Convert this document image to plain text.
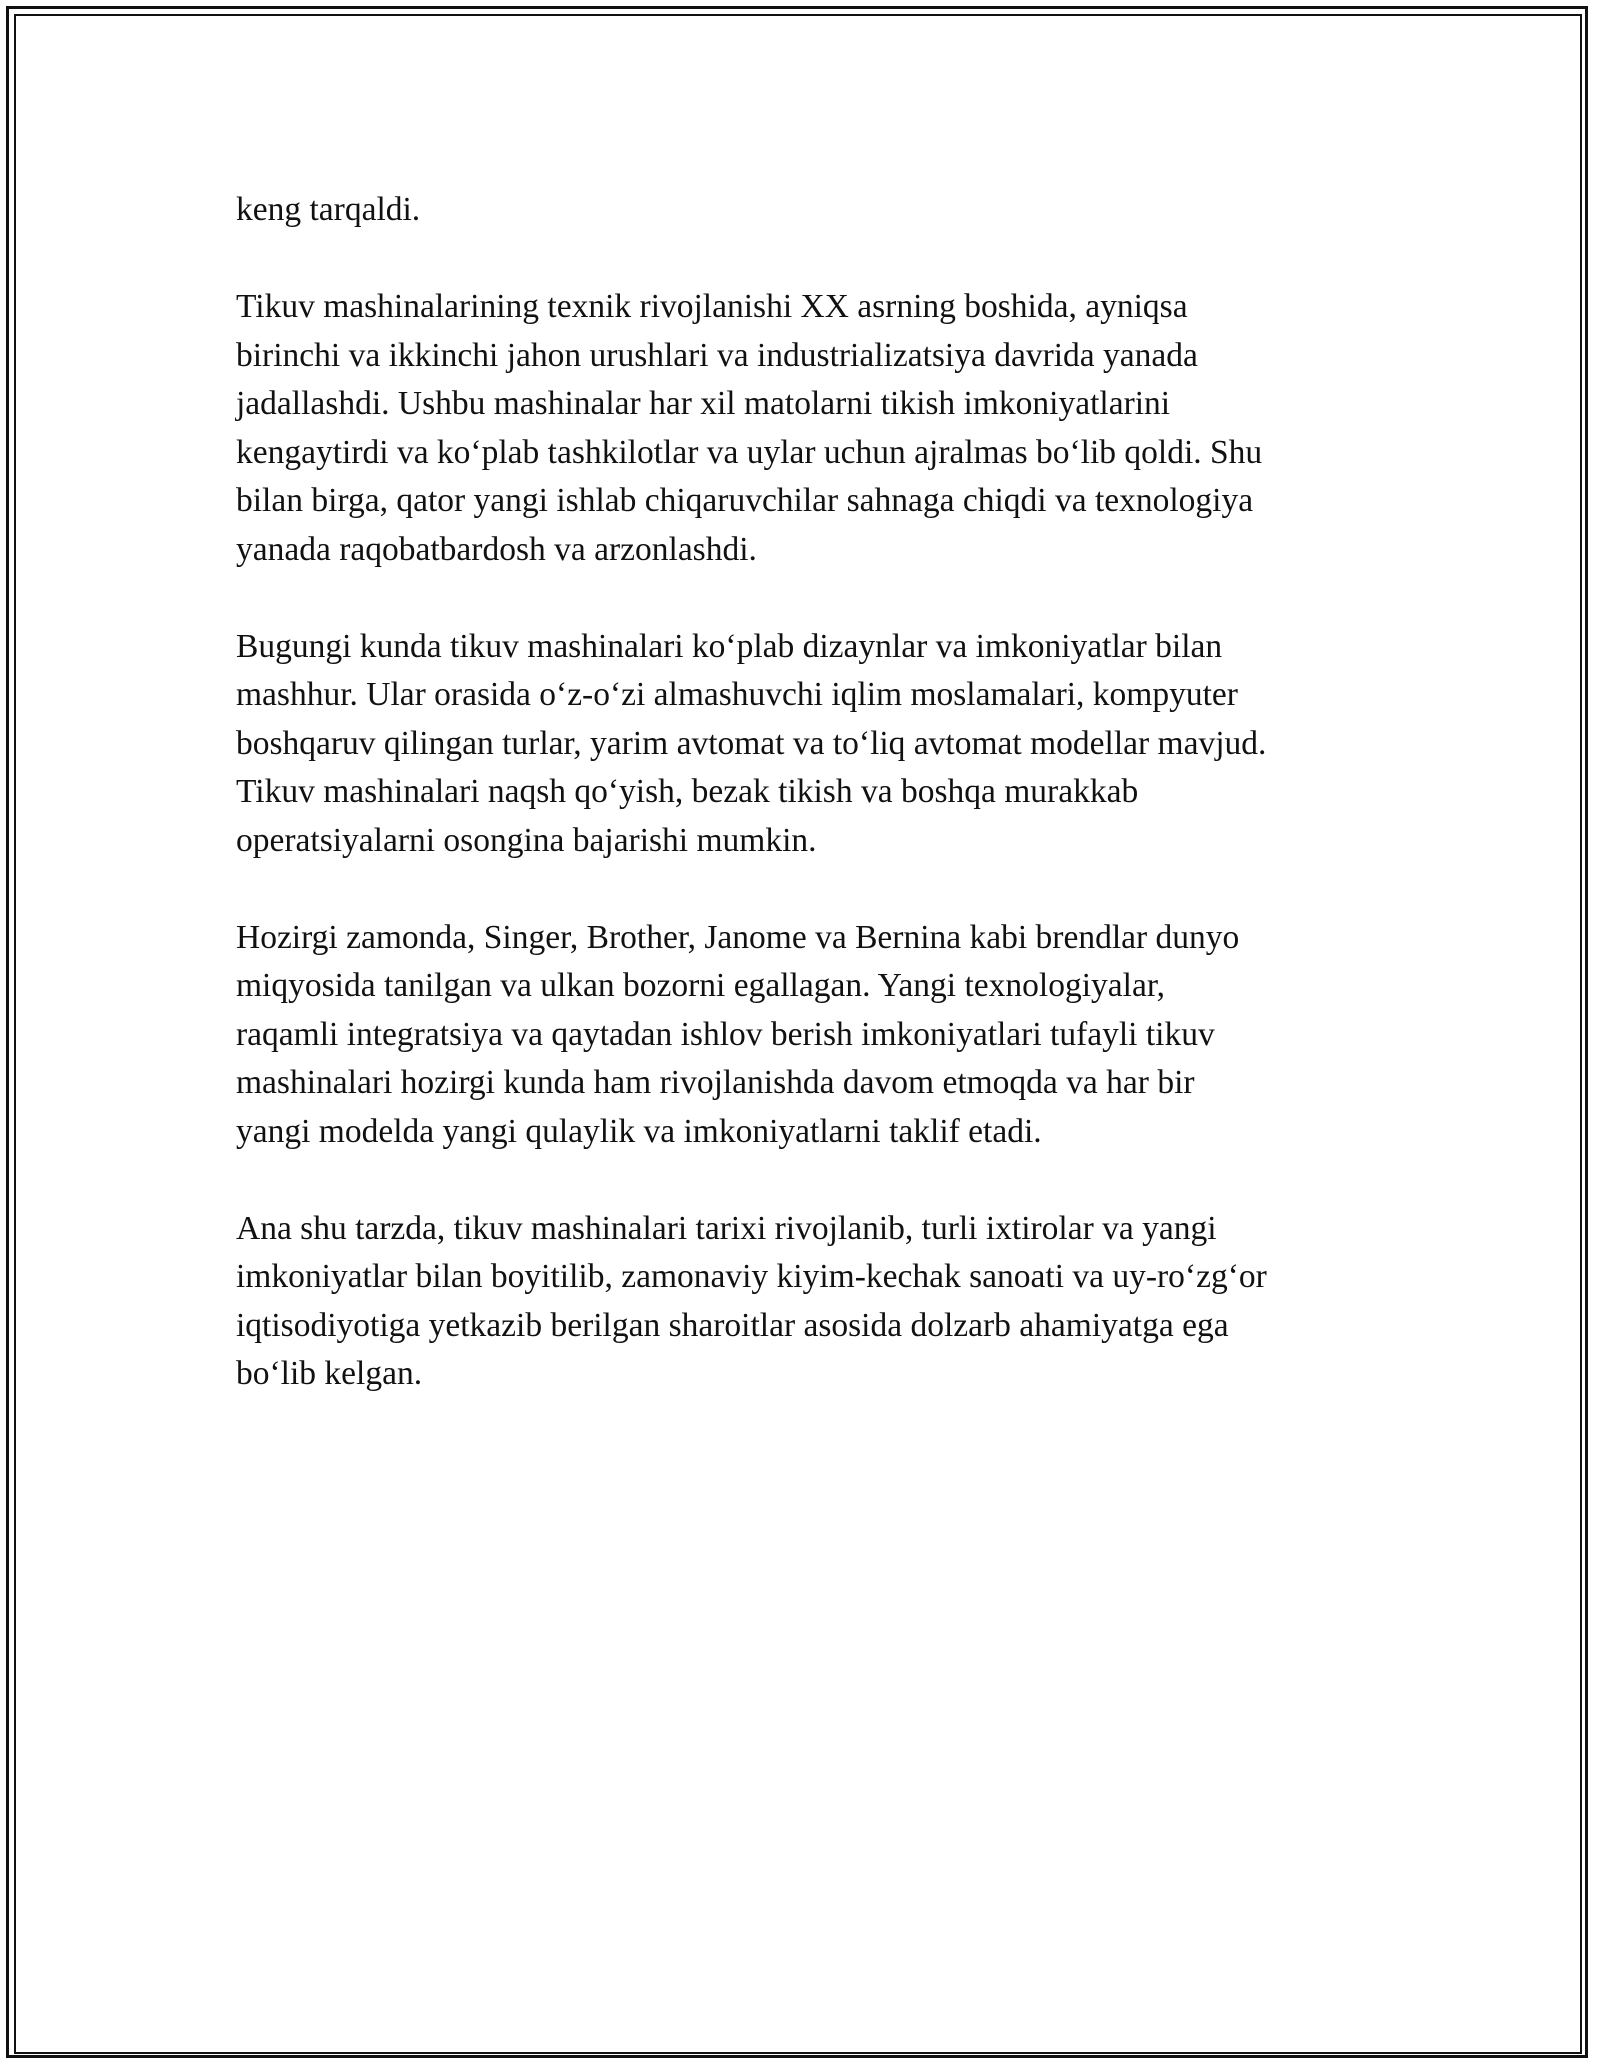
keng tarqaldi.

Tikuv mashinalarining texnik rivojlanishi XX asrning boshida, ayniqsa
birinchi va ikkinchi jahon urushlari va industrializatsiya davrida yanada
jadallashdi. Ushbu mashinalar har xil matolarni tikish imkoniyatlarini
kengaytirdi va koʻplab tashkilotlar va uylar uchun ajralmas boʻlib qoldi. Shu
bilan birga, qator yangi ishlab chiqaruvchilar sahnaga chiqdi va texnologiya
yanada raqobatbardosh va arzonlashdi.

Bugungi kunda tikuv mashinalari koʻplab dizaynlar va imkoniyatlar bilan
mashhur. Ular orasida oʻz-oʻzi almashuvchi iqlim moslamalari, kompyuter
boshqaruv qilingan turlar, yarim avtomat va toʻliq avtomat modellar mavjud.
Tikuv mashinalari naqsh qoʻyish, bezak tikish va boshqa murakkab
operatsiyalarni osongina bajarishi mumkin.

Hozirgi zamonda, Singer, Brother, Janome va Bernina kabi brendlar dunyo
miqyosida tanilgan va ulkan bozorni egallagan. Yangi texnologiyalar,
raqamli integratsiya va qaytadan ishlov berish imkoniyatlari tufayli tikuv
mashinalari hozirgi kunda ham rivojlanishda davom etmoqda va har bir
yangi modelda yangi qulaylik va imkoniyatlarni taklif etadi.

Ana shu tarzda, tikuv mashinalari tarixi rivojlanib, turli ixtirolar va yangi
imkoniyatlar bilan boyitilib, zamonaviy kiyim-kechak sanoati va uy-roʻzgʻor
iqtisodiyotiga yetkazib berilgan sharoitlar asosida dolzarb ahamiyatga ega
boʻlib kelgan.
